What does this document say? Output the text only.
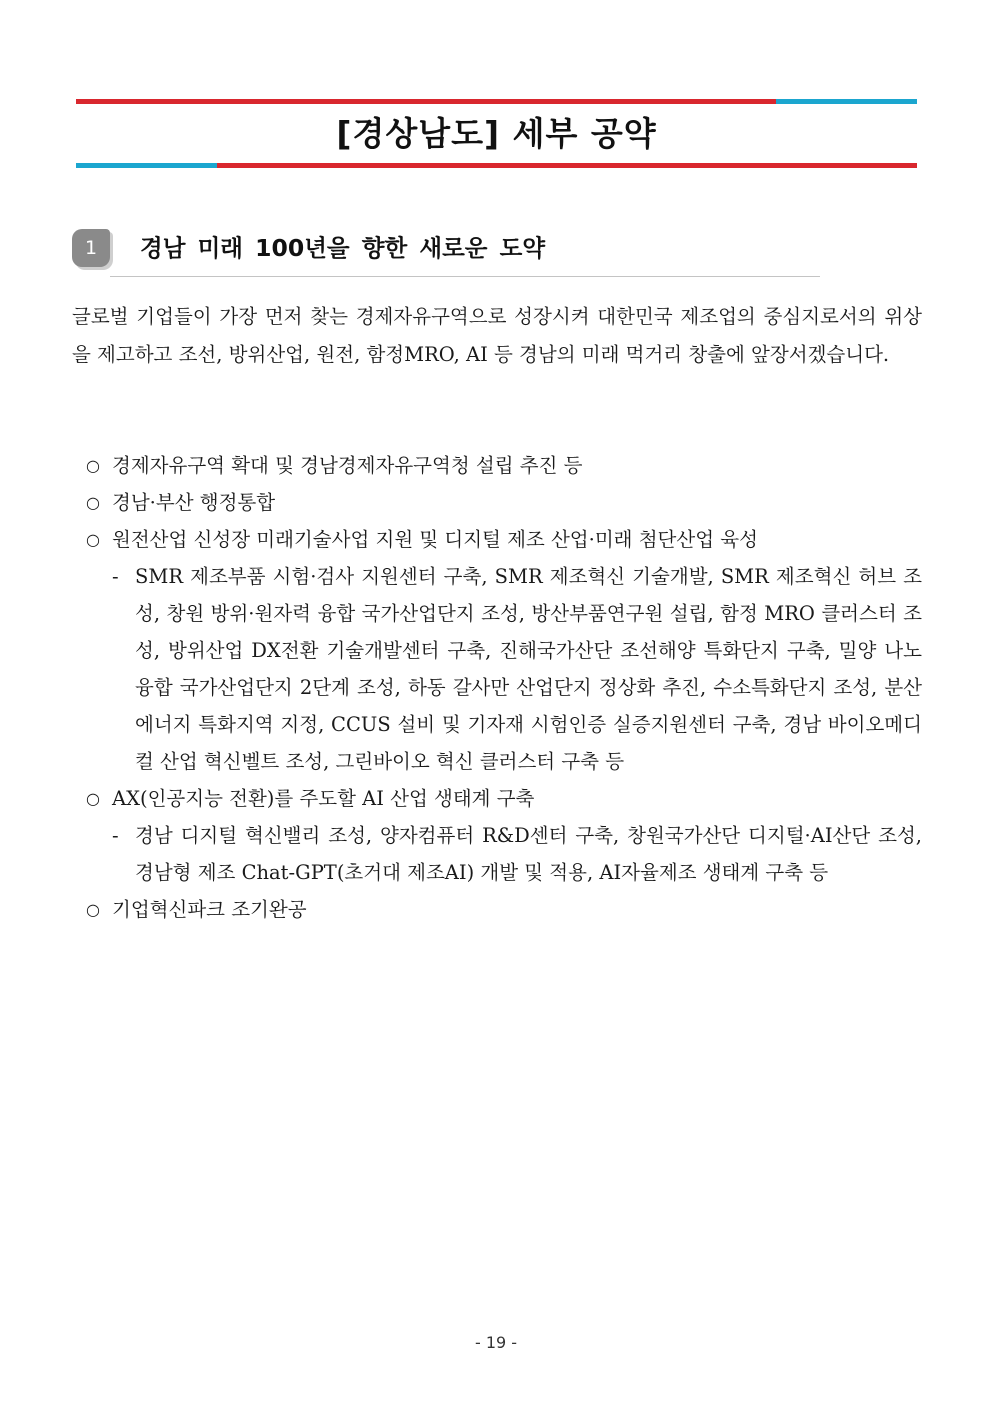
[경상남도] 세부 공약
1	경남 미래 100년을 향한 새로운 도약

글로벌 기업들이 가장 먼저 찾는 경제자유구역으로 성장시켜 대한민국 제조업의 중심지로서의 위상을 제고하고 조선, 방위산업, 원전, 함정MRO, AI 등 경남의 미래 먹거리 창출에 앞장서겠습니다.

○ 경제자유구역 확대 및 경남경제자유구역청 설립 추진 등
○ 경남·부산 행정통합
○ 원전산업 신성장 미래기술사업 지원 및 디지털 제조 산업·미래 첨단산업 육성
- SMR 제조부품 시험·검사 지원센터 구축, SMR 제조혁신 기술개발, SMR 제조혁신 허브 조성, 창원 방위·원자력 융합 국가산업단지 조성, 방산부품연구원 설립, 함정 MRO 클러스터 조성, 방위산업 DX전환 기술개발센터 구축, 진해국가산단 조선해양 특화단지 구축, 밀양 나노융합 국가산업단지 2단계 조성, 하동 갈사만 산업단지 정상화 추진, 수소특화단지 조성, 분산에너지 특화지역 지정, CCUS 설비 및 기자재 시험인증 실증지원센터 구축, 경남 바이오메디컬 산업 혁신벨트 조성, 그린바이오 혁신 클러스터 구축 등
○ AX(인공지능 전환)를 주도할 AI 산업 생태계 구축
- 경남 디지털 혁신밸리 조성, 양자컴퓨터 R&D센터 구축, 창원국가산단 디지털·AI산단 조성, 경남형 제조 Chat-GPT(초거대 제조AI) 개발 및 적용, AI자율제조 생태계 구축 등
○ 기업혁신파크 조기완공
- 19 -
